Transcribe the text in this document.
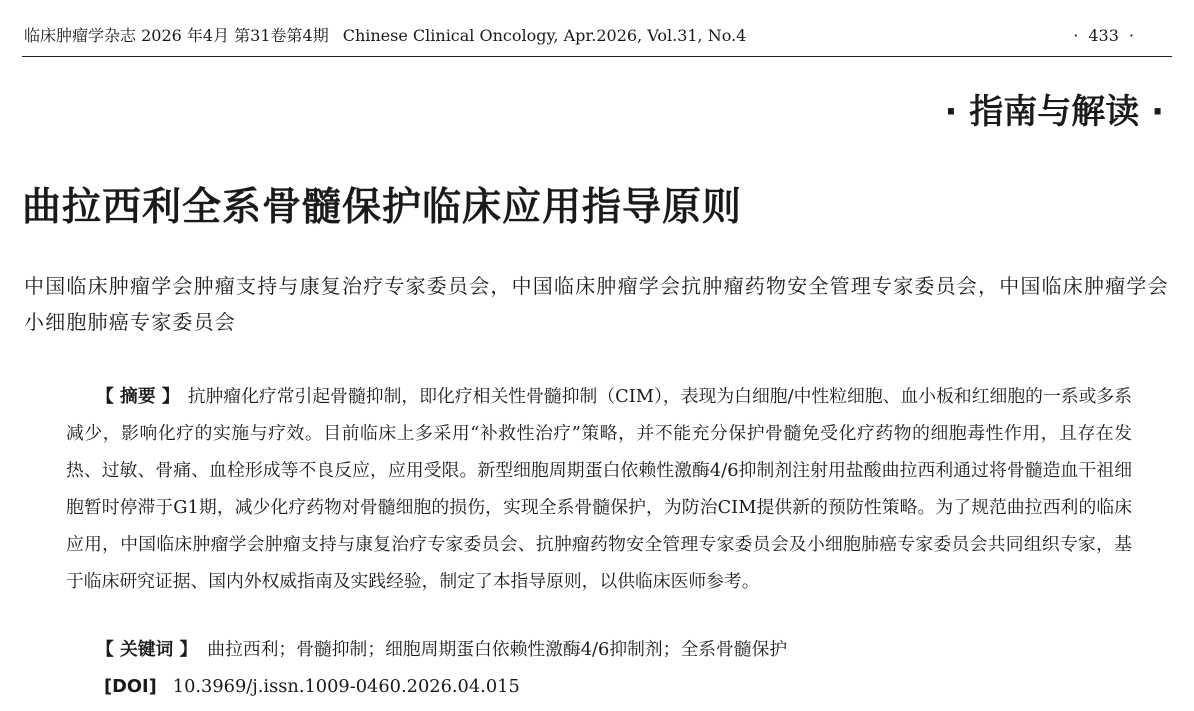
临床肿瘤学杂志 2026 年4月 第31卷第4期 Chinese Clinical Oncology, Apr.2026, Vol.31, No.4	· 433 ·
· 指南与解读 ·
曲拉西利全系骨髓保护临床应用指导原则
中国临床肿瘤学会肿瘤支持与康复治疗专家委员会，中国临床肿瘤学会抗肿瘤药物安全管理专家委员会，中国临床肿瘤学会小细胞肺癌专家委员会
【 摘要 】 抗肿瘤化疗常引起骨髓抑制，即化疗相关性骨髓抑制（CIM），表现为白细胞/中性粒细胞、血小板和红细胞的一系或多系减少，影响化疗的实施与疗效。目前临床上多采用“补救性治疗”策略，并不能充分保护骨髓免受化疗药物的细胞毒性作用，且存在发热、过敏、骨痛、血栓形成等不良反应，应用受限。新型细胞周期蛋白依赖性激酶4/6抑制剂注射用盐酸曲拉西利通过将骨髓造血干祖细胞暂时停滞于G1期，减少化疗药物对骨髓细胞的损伤，实现全系骨髓保护，为防治CIM提供新的预防性策略。为了规范曲拉西利的临床应用，中国临床肿瘤学会肿瘤支持与康复治疗专家委员会、抗肿瘤药物安全管理专家委员会及小细胞肺癌专家委员会共同组织专家，基于临床研究证据、国内外权威指南及实践经验，制定了本指导原则，以供临床医师参考。
【 关键词 】 曲拉西利；骨髓抑制；细胞周期蛋白依赖性激酶4/6抑制剂；全系骨髓保护
[DOI] 10.3969/j.issn.1009-0460.2026.04.015
